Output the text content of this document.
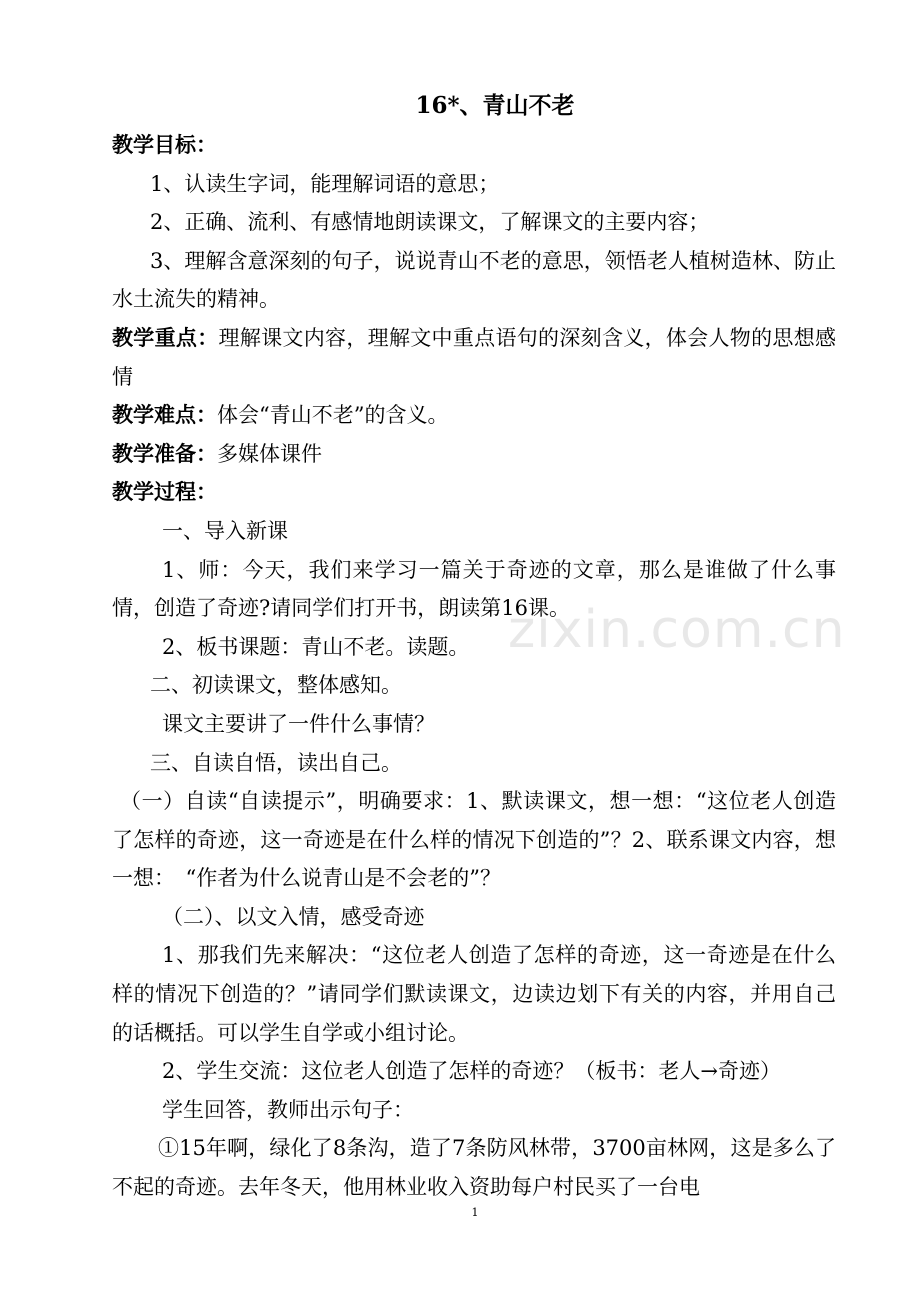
16*、青山不老

教学目标：

1、认读生字词，能理解词语的意思；

2、正确、流利、有感情地朗读课文，了解课文的主要内容；

3、理解含意深刻的句子，说说青山不老的意思，领悟老人植树造林、防止水土流失的精神。

教学重点：理解课文内容，理解文中重点语句的深刻含义，体会人物的思想感情

教学难点：体会“青山不老”的含义。

教学准备：多媒体课件

教学过程：

一、导入新课

1、师：今天，我们来学习一篇关于奇迹的文章，那么是谁做了什么事情，创造了奇迹?请同学们打开书，朗读第16课。

2、板书课题：青山不老。读题。

二、初读课文，整体感知。

课文主要讲了一件什么事情？

三、自读自悟，读出自己。

（一）自读“自读提示”，明确要求：1、默读课文，想一想：“这位老人创造了怎样的奇迹，这一奇迹是在什么样的情况下创造的”？2、联系课文内容，想一想：　“作者为什么说青山是不会老的”？

（二）、以文入情，感受奇迹

1、那我们先来解决：“这位老人创造了怎样的奇迹，这一奇迹是在什么样的情况下创造的？”请同学们默读课文，边读边划下有关的内容，并用自己的话概括。可以学生自学或小组讨论。

2、学生交流：这位老人创造了怎样的奇迹？（板书：老人→奇迹）

学生回答，教师出示句子：

①15年啊，绿化了8条沟，造了7条防风林带，3700亩林网，这是多么了不起的奇迹。去年冬天，他用林业收入资助每户村民买了一台电

zixin.com.cn
1
